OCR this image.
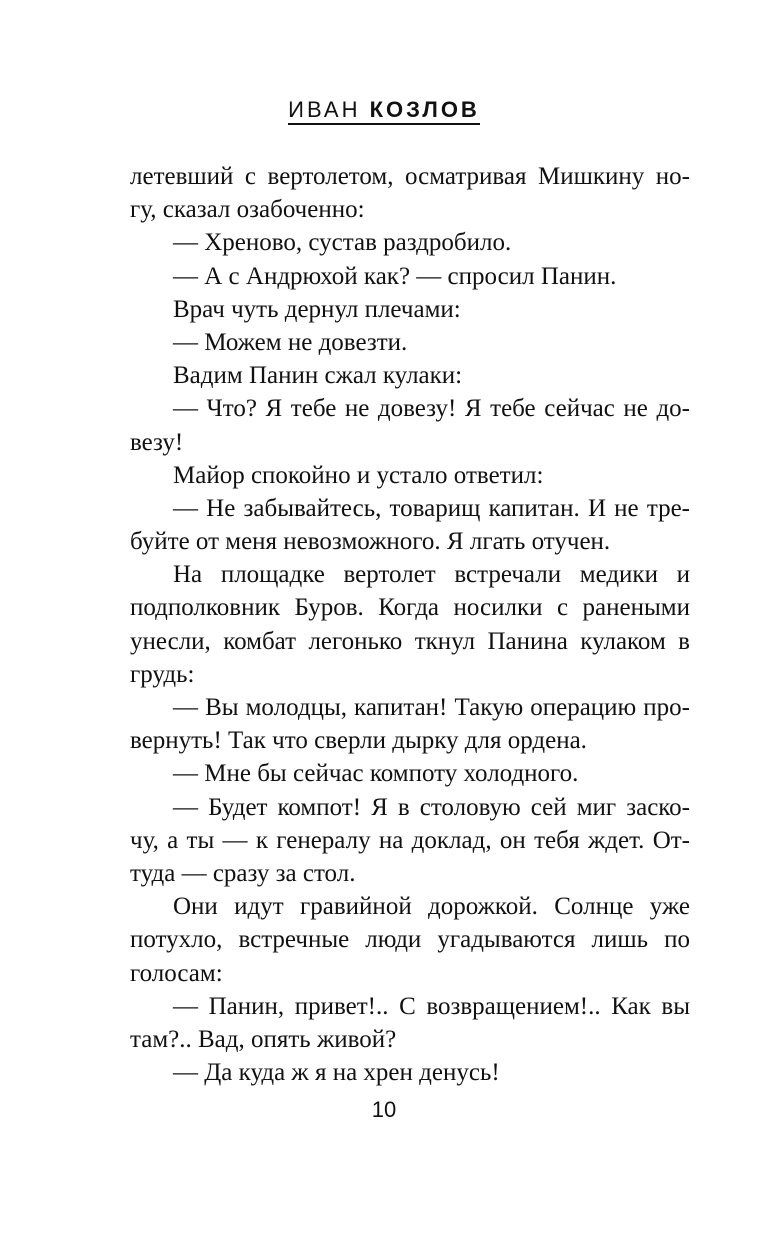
ИВАН КОЗЛОВ
летевший с вертолетом, осматривая Мишкину но-
гу, сказал озабоченно:
— Хреново, сустав раздробило.
— А с Андрюхой как? — спросил Панин.
Врач чуть дернул плечами:
— Можем не довезти.
Вадим Панин сжал кулаки:
— Что? Я тебе не довезу! Я тебе сейчас не до-
везу!
Майор спокойно и устало ответил:
— Не забывайтесь, товарищ капитан. И не тре-
буйте от меня невозможного. Я лгать отучен.
На площадке вертолет встречали медики и
подполковник Буров. Когда носилки с ранеными
унесли, комбат легонько ткнул Панина кулаком в
грудь:
— Вы молодцы, капитан! Такую операцию про-
вернуть! Так что сверли дырку для ордена.
— Мне бы сейчас компоту холодного.
— Будет компот! Я в столовую сей миг заско-
чу, а ты — к генералу на доклад, он тебя ждет. От-
туда — сразу за стол.
Они идут гравийной дорожкой. Солнце уже
потухло, встречные люди угадываются лишь по
голосам:
— Панин, привет!.. С возвращением!.. Как вы
там?.. Вад, опять живой?
— Да куда ж я на хрен денусь!
10
